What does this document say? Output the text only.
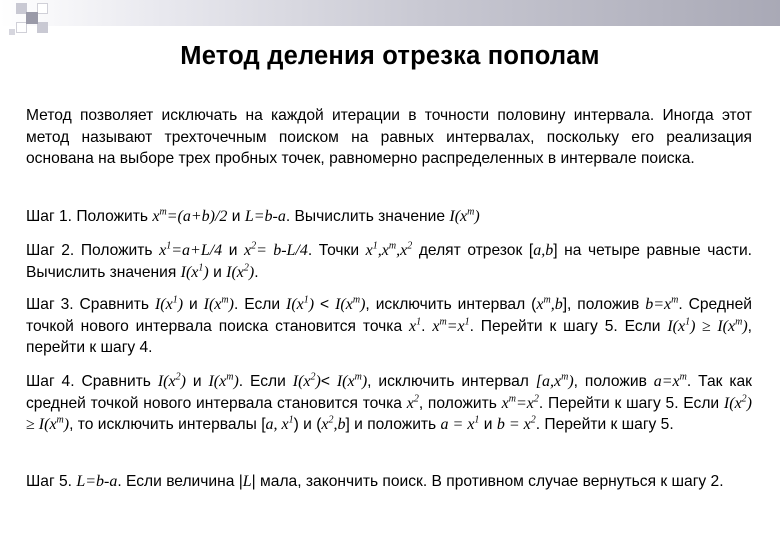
Метод деления отрезка пополам
Метод позволяет исключать на каждой итерации в точности половину интервала. Иногда этот метод называют трехточечным поиском на равных интервалах, поскольку его реализация основана на выборе трех пробных точек, равномерно распределенных в интервале поиска.
Шаг 1. Положить $x^m=(a+b)/2$ и L=b-a. Вычислить значение $I(x^m)$
Шаг 2. Положить $x^1=a+L/4$ и $x^2= b-L/4$. Точки $x^1,x^m,x^2$ делят отрезок [a,b] на четыре равные части. Вычислить значения $I(x^1)$ и $I(x^2)$.
Шаг 3. Сравнить $I(x^1)$ и $I(x^m)$. Если $I(x^1) < I(x^m)$, исключить интервал $(x^m,b]$, положив $b=x^m$. Средней точкой нового интервала поиска становится точка $x^1$. $x^m=x^1$. Перейти к шагу 5. Если $I(x^1) \ge I(x^m)$, перейти к шагу 4.
Шаг 4. Сравнить $I(x^2)$ и $I(x^m)$. Если $I(x^2)< I(x^m)$, исключить интервал $[a,x^m)$, положив $a=x^m$. Так как средней точкой нового интервала становится точка $x^2$, положить $x^m=x^2$. Перейти к шагу 5. Если $I(x^2) \ge I(x^m)$, то исключить интервалы [a, $x^1$) и $(x^2,b]$ и положить $a = x^1$ и $b = x^2$. Перейти к шагу 5.
Шаг 5. L=b-a. Если величина |L| мала, закончить поиск. В противном случае вернуться к шагу 2.
